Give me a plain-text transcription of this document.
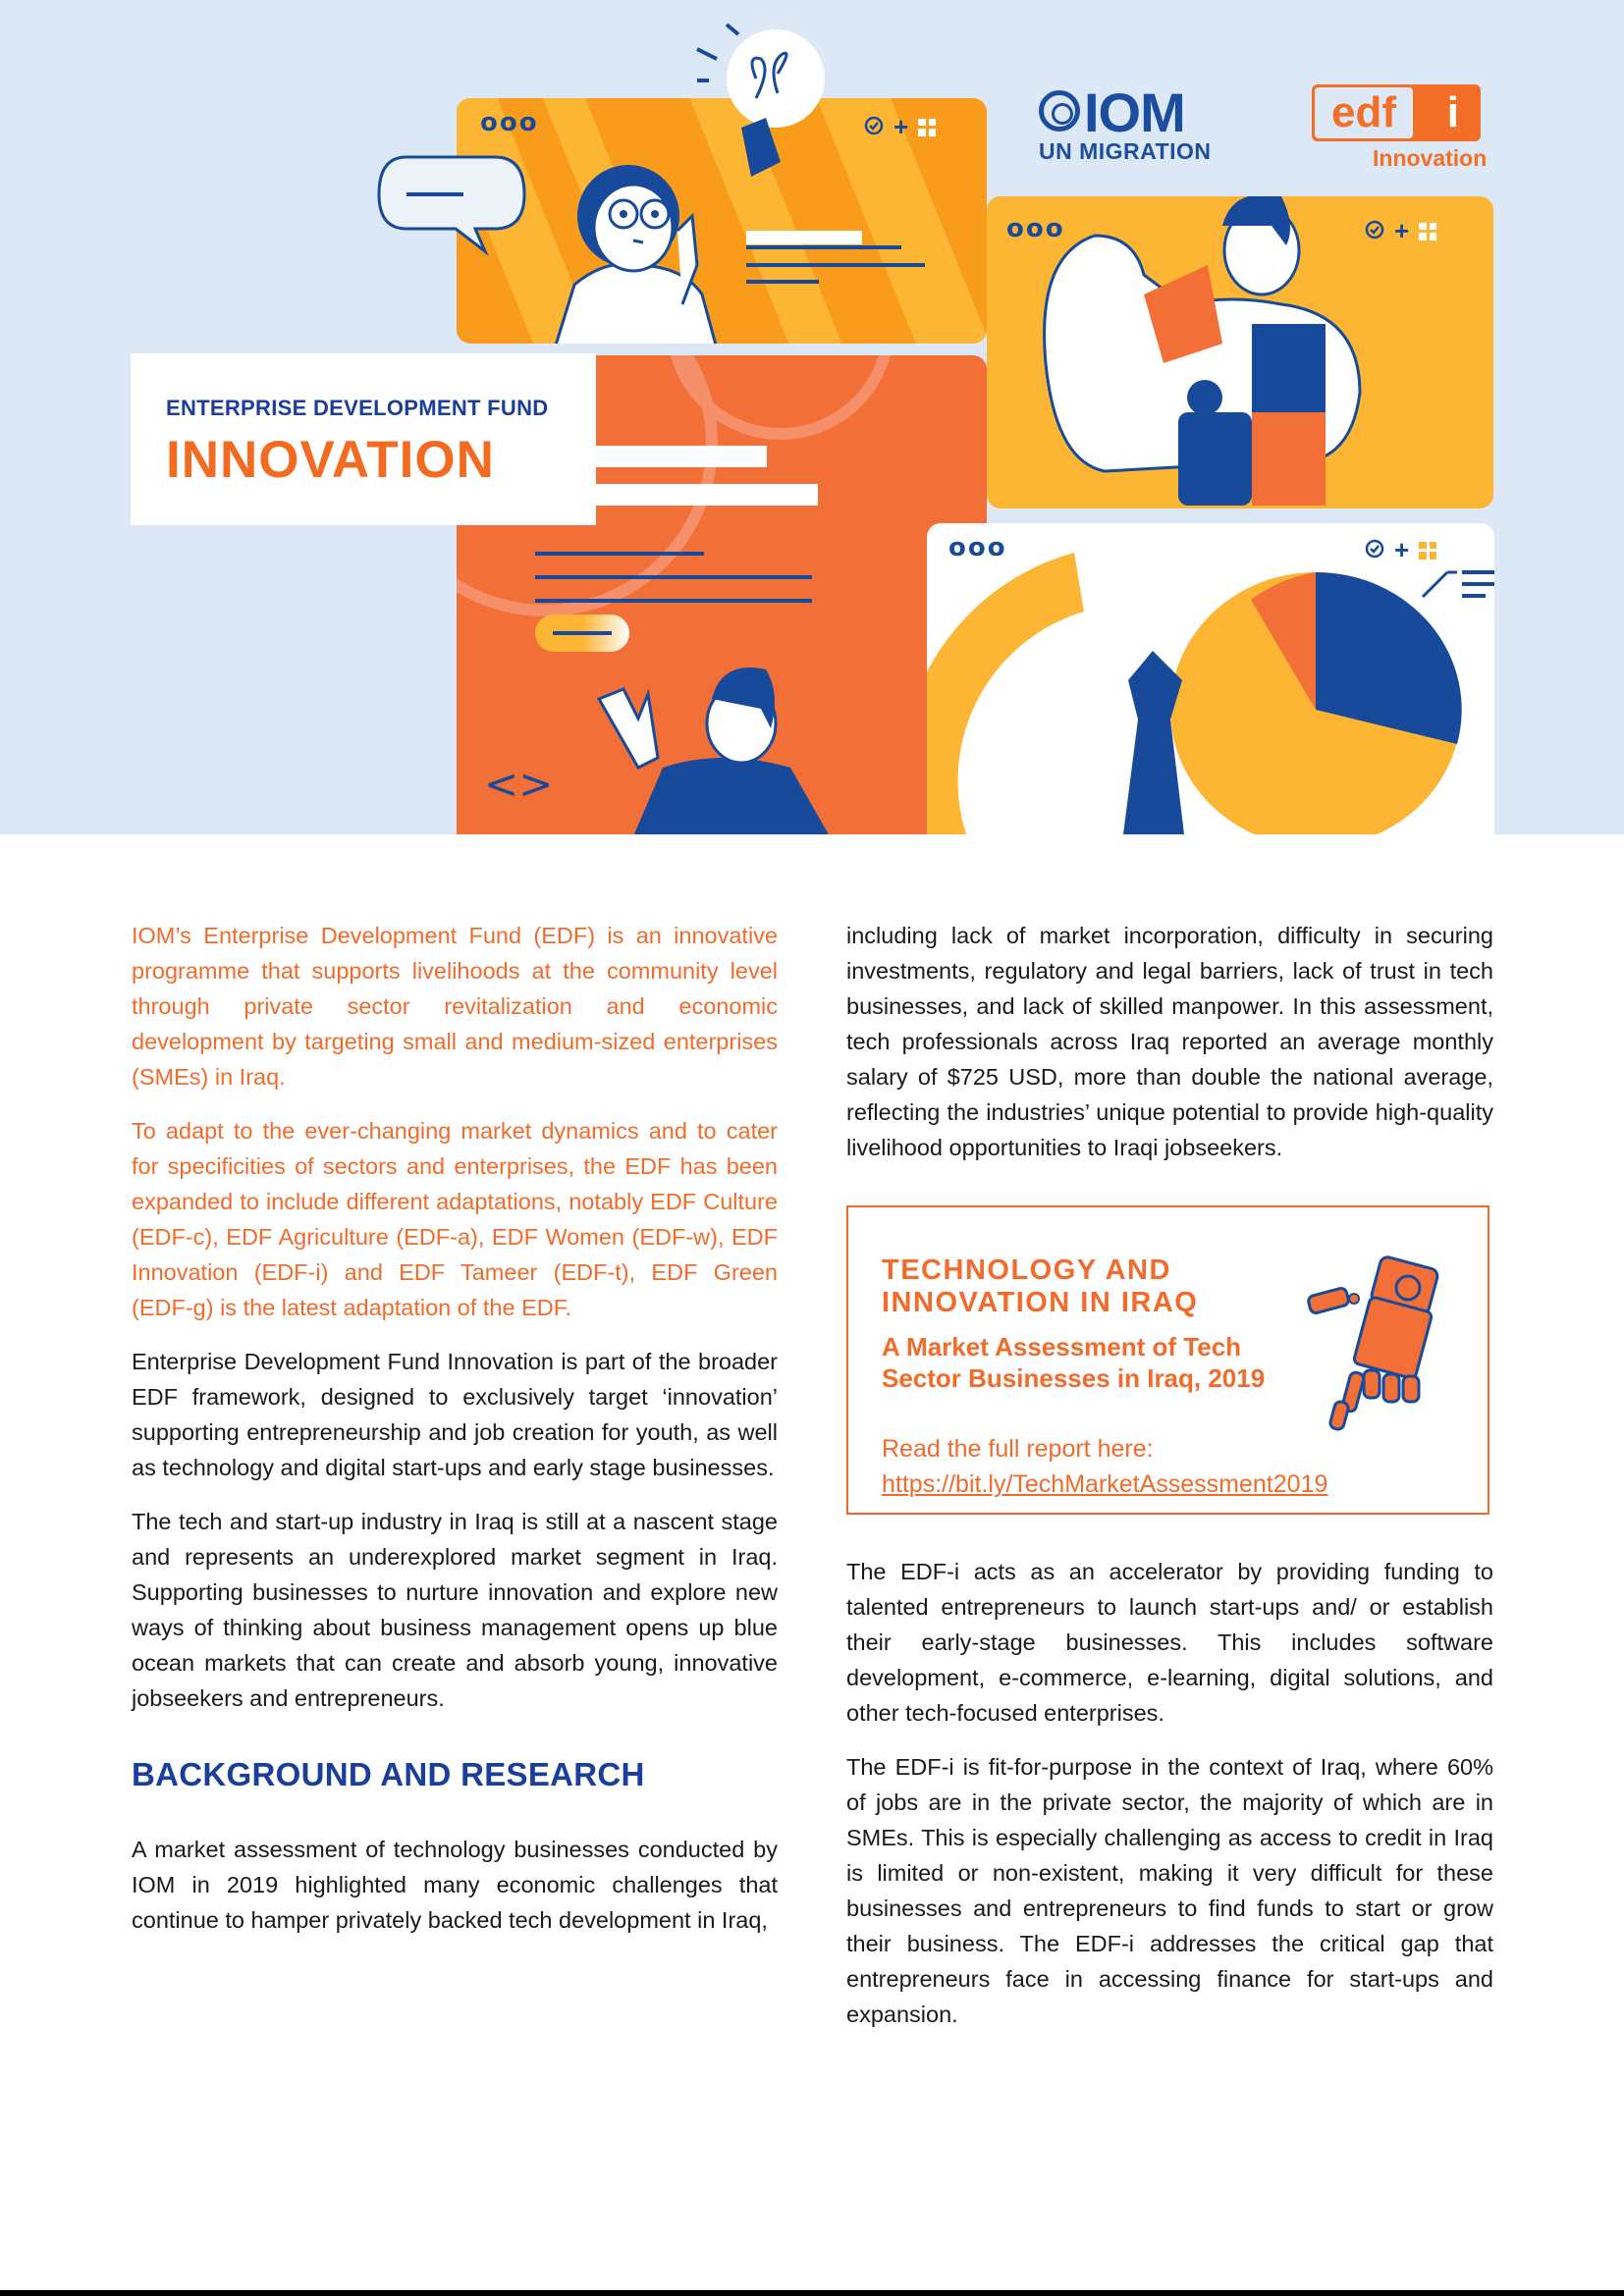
ooo	+
ooo	+
<>
ooo	+
ENTERPRISE DEVELOPMENT FUND
INNOVATION
IOM
UN MIGRATION
edf	i
Innovation

IOM’s Enterprise Development Fund (EDF) is an innovative programme that supports livelihoods at the community level through private sector revitalization and economic development by targeting small and medium-sized enterprises (SMEs) in Iraq.

To adapt to the ever-changing market dynamics and to cater for specificities of sectors and enterprises, the EDF has been expanded to include different adaptations, notably EDF Culture (EDF-c), EDF Agriculture (EDF-a), EDF Women (EDF-w), EDF Innovation (EDF-i) and EDF Tameer (EDF-t), EDF Green (EDF-g) is the latest adaptation of the EDF.

Enterprise Development Fund Innovation is part of the broader EDF framework, designed to exclusively target ‘innovation’ supporting entrepreneurship and job creation for youth, as well as technology and digital start-ups and early stage businesses.

The tech and start-up industry in Iraq is still at a nascent stage and represents an underexplored market segment in Iraq. Supporting businesses to nurture innovation and explore new ways of thinking about business management opens up blue ocean markets that can create and absorb young, innovative jobseekers and entrepreneurs.

BACKGROUND AND RESEARCH

A market assessment of technology businesses conducted by IOM in 2019 highlighted many economic challenges that continue to hamper privately backed tech development in Iraq,

including lack of market incorporation, difficulty in securing investments, regulatory and legal barriers, lack of trust in tech businesses, and lack of skilled manpower. In this assessment, tech professionals across Iraq reported an average monthly salary of $725 USD, more than double the national average, reflecting the industries’ unique potential to provide high-quality livelihood opportunities to Iraqi jobseekers.

TECHNOLOGY AND
INNOVATION IN IRAQ
A Market Assessment of Tech
Sector Businesses in Iraq, 2019
Read the full report here:
https://bit.ly/TechMarketAssessment2019

The EDF-i acts as an accelerator by providing funding to talented entrepreneurs to launch start-ups and/ or establish their early-stage businesses. This includes software development, e-commerce, e-learning, digital solutions, and other tech-focused enterprises.

The EDF-i is fit-for-purpose in the context of Iraq, where 60% of jobs are in the private sector, the majority of which are in SMEs. This is especially challenging as access to credit in Iraq is limited or non-existent, making it very difficult for these businesses and entrepreneurs to find funds to start or grow their business. The EDF-i addresses the critical gap that entrepreneurs face in accessing finance for start-ups and expansion.
